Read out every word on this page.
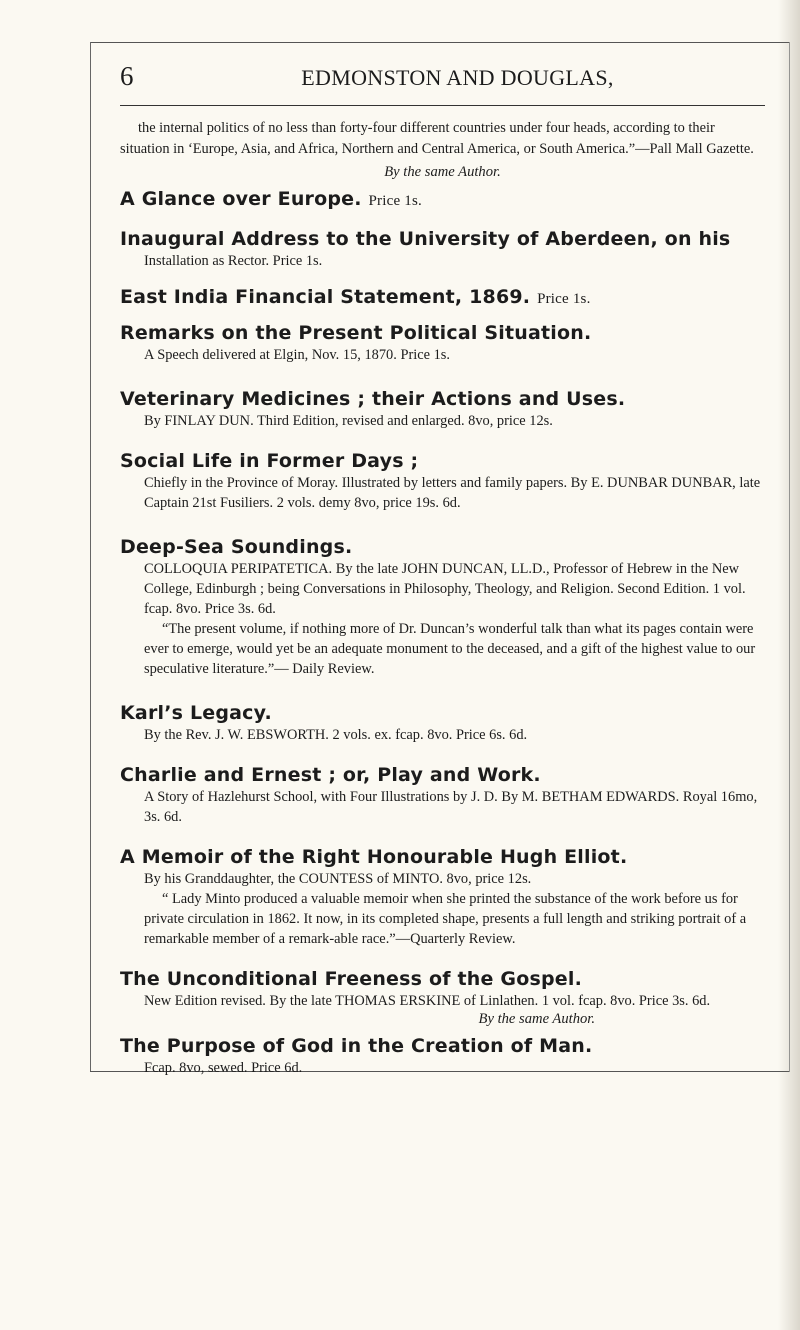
6	EDMONSTON AND DOUGLAS,
the internal politics of no less than forty-four different countries under four heads, according to their situation in ‘Europe, Asia, and Africa, Northern and Central America, or South America.”—Pall Mall Gazette.
By the same Author.
A Glance over Europe. Price 1s.
Inaugural Address to the University of Aberdeen, on his
Installation as Rector. Price 1s.
East India Financial Statement, 1869. Price 1s.
Remarks on the Present Political Situation.
A Speech delivered at Elgin, Nov. 15, 1870. Price 1s.
Veterinary Medicines ; their Actions and Uses.
By FINLAY DUN. Third Edition, revised and enlarged. 8vo, price 12s.
Social Life in Former Days ;
Chiefly in the Province of Moray. Illustrated by letters and family papers. By E. DUNBAR DUNBAR, late Captain 21st Fusiliers. 2 vols. demy 8vo, price 19s. 6d.
Deep-Sea Soundings.
COLLOQUIA PERIPATETICA. By the late JOHN DUNCAN, LL.D., Professor of Hebrew in the New College, Edinburgh ; being Conversations in Philosophy, Theology, and Religion. Second Edition. 1 vol. fcap. 8vo. Price 3s. 6d.
“The present volume, if nothing more of Dr. Duncan’s wonderful talk than what its pages contain were ever to emerge, would yet be an adequate monument to the deceased, and a gift of the highest value to our speculative literature.”— Daily Review.
Karl’s Legacy.
By the Rev. J. W. EBSWORTH. 2 vols. ex. fcap. 8vo. Price 6s. 6d.
Charlie and Ernest ; or, Play and Work.
A Story of Hazlehurst School, with Four Illustrations by J. D. By M. BETHAM EDWARDS. Royal 16mo, 3s. 6d.
A Memoir of the Right Honourable Hugh Elliot.
By his Granddaughter, the COUNTESS of MINTO. 8vo, price 12s.
“ Lady Minto produced a valuable memoir when she printed the substance of the work before us for private circulation in 1862. It now, in its completed shape, presents a full length and striking portrait of a remarkable member of a remark-able race.”—Quarterly Review.
The Unconditional Freeness of the Gospel.
New Edition revised. By the late THOMAS ERSKINE of Linlathen. 1 vol. fcap. 8vo. Price 3s. 6d.
By the same Author.
The Purpose of God in the Creation of Man.
Fcap. 8vo, sewed. Price 6d.
